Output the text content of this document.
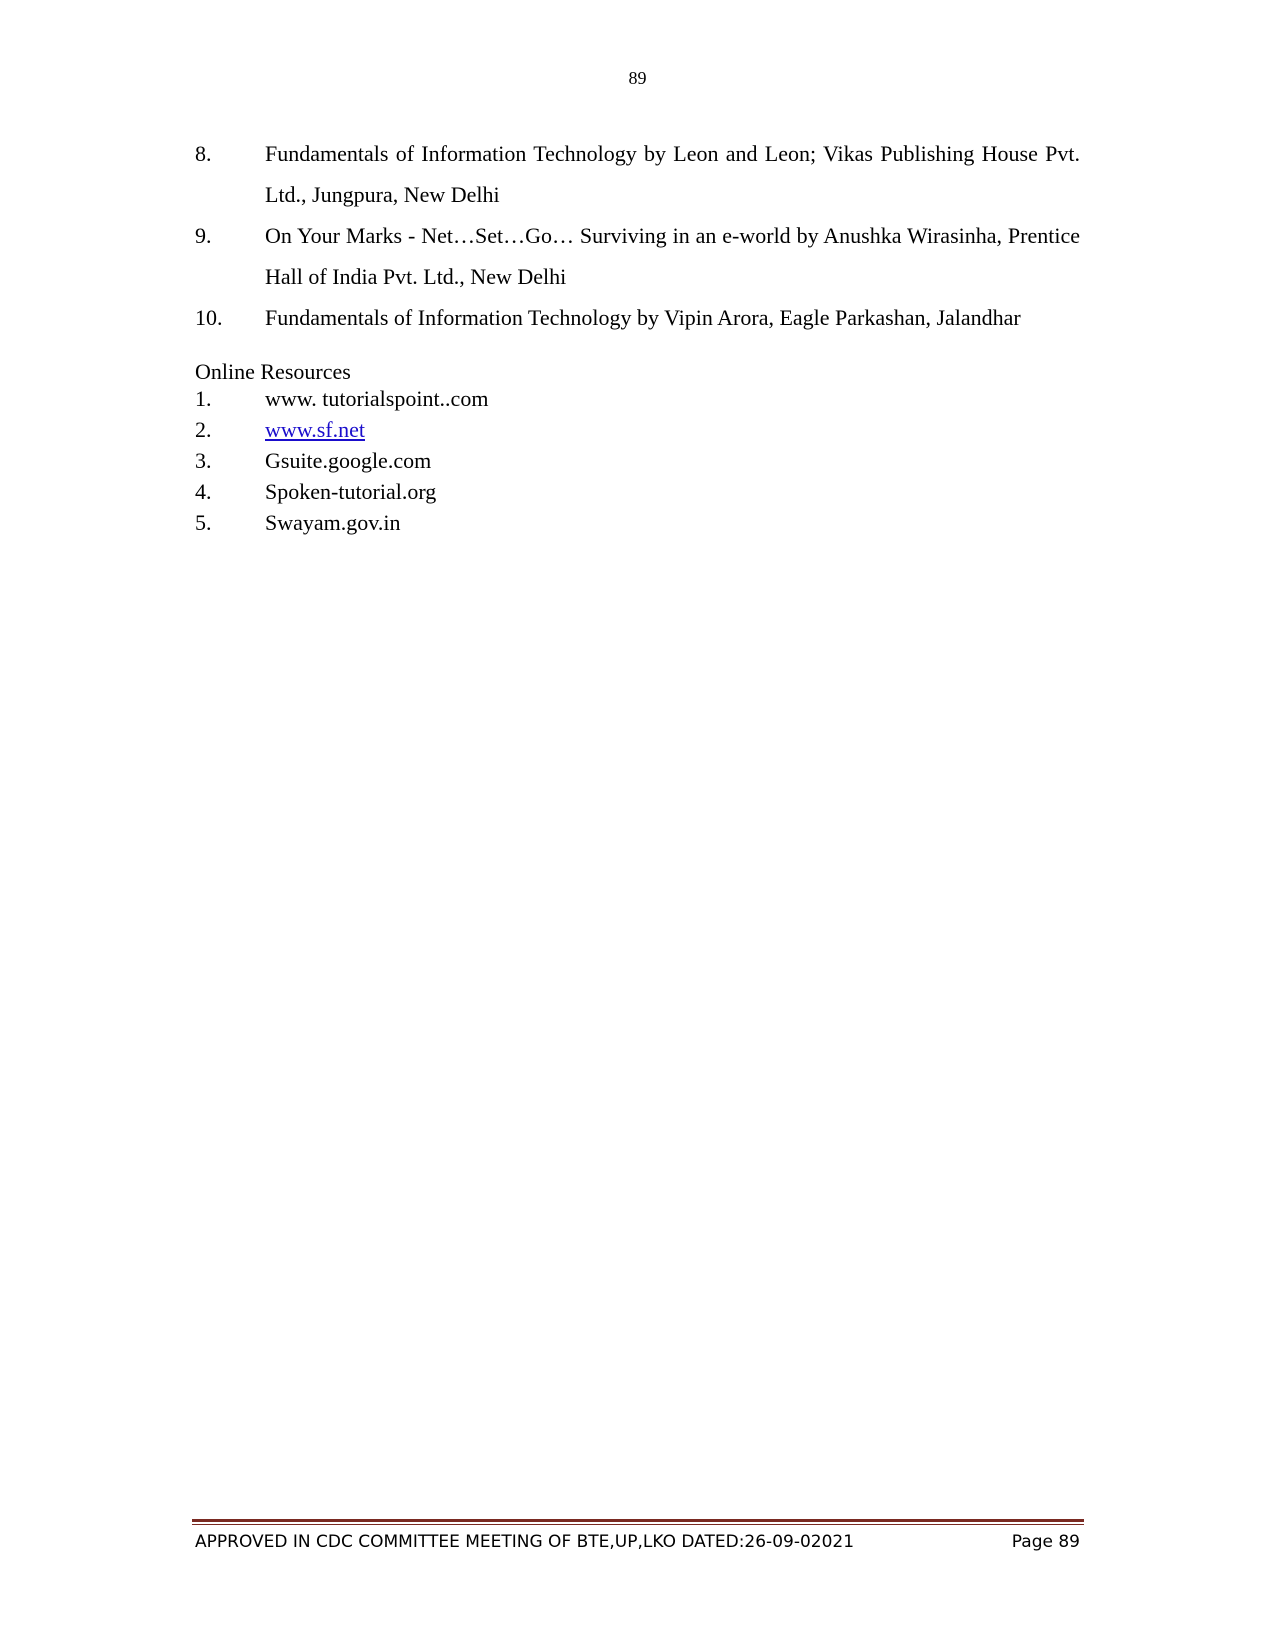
89
8.	Fundamentals of Information Technology by Leon and Leon; Vikas Publishing House Pvt. Ltd., Jungpura, New Delhi
9.	On Your Marks - Net…Set…Go… Surviving in an e-world by Anushka Wirasinha, Prentice Hall of India Pvt. Ltd., New Delhi
10.	Fundamentals of Information Technology by Vipin Arora, Eagle Parkashan, Jalandhar
Online Resources
1.	www. tutorialspoint..com
2.	www.sf.net
3.	Gsuite.google.com
4.	Spoken-tutorial.org
5.	Swayam.gov.in
APPROVED IN CDC COMMITTEE MEETING OF BTE,UP,LKO DATED:26-09-02021	Page 89
